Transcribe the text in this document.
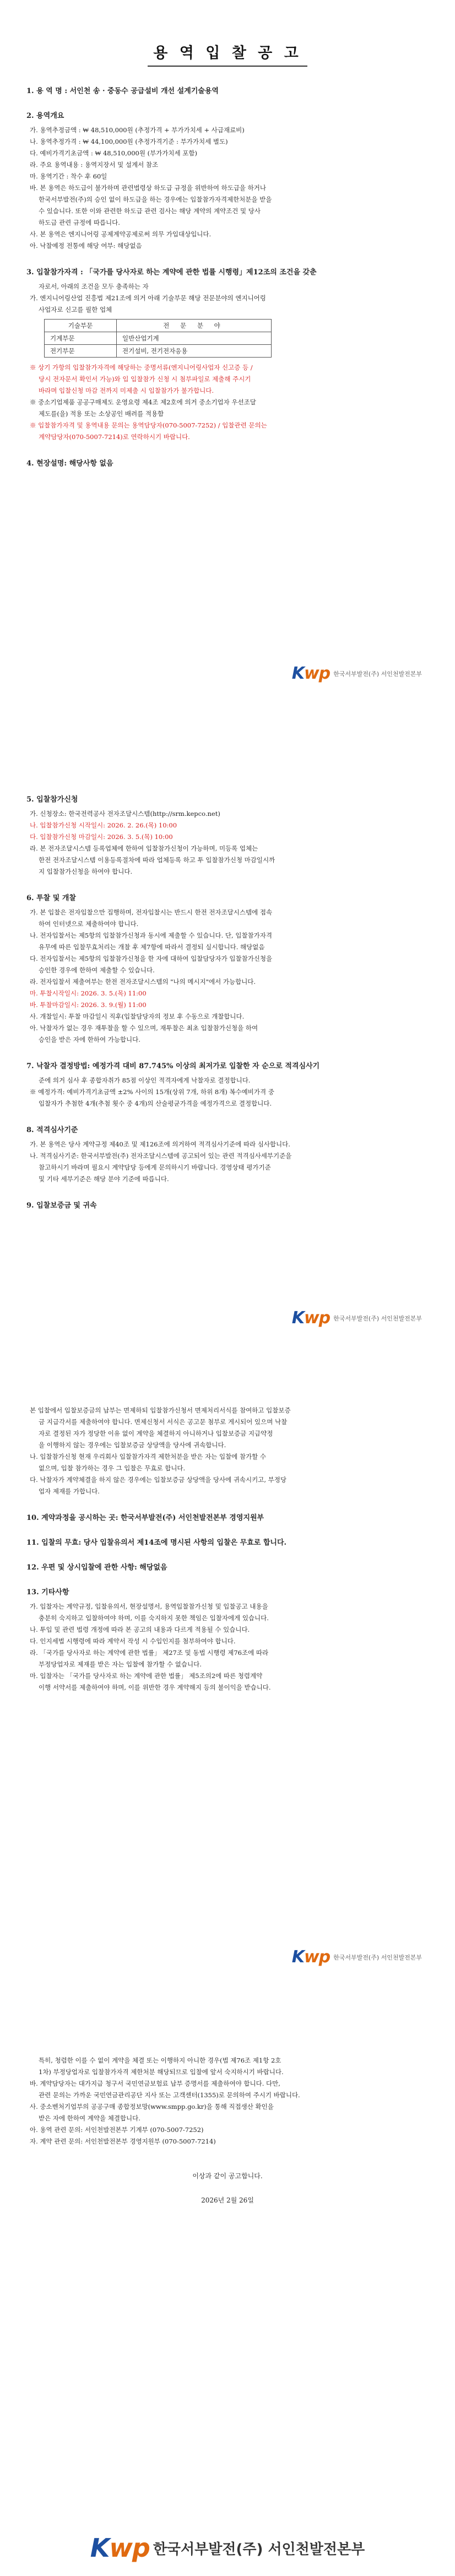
용 역 입 찰 공 고
1. 용 역 명 : 서인천 송 · 중동수 공급설비 개선 설계기술용역
2. 용역개요
가. 용역추정금액 : ₩ 48,510,000원 (추정가격 + 부가가치세 + 사급재료비)
나. 용역추정가격 : ₩ 44,100,000원 (추정가격기준 : 부가가치세 별도)
다. 예비가격기초금액 : ₩ 48,510,000원 (부가가치세 포함)
라. 주요 용역내용 : 용역지장서 및 설계서 참조
마. 용역기간 : 착수 후 60일
바. 본 용역은 하도급이 불가하며 관련법령상 하도급 규정을 위반하여 하도급을 하거나
한국서부발전(주)의 승인 없이 하도급을 하는 경우에는 입찰참가자격제한처분을 받을
수 있습니다. 또한 이와 관련한 하도급 관련 검사는 해당 계약의 계약조건 및 당사
하도급 관련 규정에 따릅니다.
사. 본 용역은 엔지니어링 공제계약공제로써 의무 가입대상입니다.
아. 낙찰예정 전통에 해당 여부: 해당없음
3. 입찰참가자격 : 「국가를 당사자로 하는 계약에 관한 법률 시행령」제12조의 조건을 갖춘
자로서, 아래의 조건을 모두 충족하는 자
가. 엔지니어링산업 진흥법 제21조에 의거 아래 기술부문 해당 전문분야의 엔지니어링
사업자로 신고를 필한 업체
기술부문	전 문 분 야
기계부문	일반산업기계
전기부문	전기설비, 전기전자응용
※ 상기 가항의 입찰참가자격에 해당하는 중명서류(엔지니어링사업자 신고증 등 /
당시 전자문서 확인서 가능)와 입 입찰참가 신청 시 첨부파일로 제출해 주시기
바라며 입찰신청 마감 전까지 미제출 시 입찰참가가 불가합니다.
※ 중소기업제품 공공구매제도 운영요령 제4조 제2호에 의거 중소기업자 우선조달
제도를(을) 적용 또는 소상공인 배려를 적용함
※ 입찰참가자격 및 용역내용 문의는 용역담당자(070-5007-7252) / 입찰관련 문의는
계약담당자(070-5007-7214)로 연락하시기 바랍니다.
4. 현장설명: 해당사항 없음
Kwp 한국서부발전(주) 서인천발전본부
5. 입찰참가신청
가. 신청장소: 한국전력공사 전자조달시스템(http://srm.kepco.net)
나. 입찰참가신청 시작일시: 2026. 2. 26.(목) 10:00
다. 입찰참가신청 마감일시: 2026. 3. 5.(목) 10:00
라. 본 전자조달시스템 등록업체에 한하여 입찰참가신청이 가능하며, 미등록 업체는
한전 전자조달시스템 이용등록절차에 따라 업체등록 하고 투 입찰참가신청 마감일시까
지 입찰참가신청을 하여야 합니다.
6. 투찰 및 개찰
가. 본 입찰은 전자입찰으만 집행하며, 전자입찰시는 반드시 한전 전자조달시스템에 접속
하여 인터넷으로 제출하여야 합니다.
나. 전자입찰서는 제5항의 입찰참가신청과 동시에 제출할 수 있습니다. 단, 입찰참가자격
유무에 따른 입찰무효처리는 개찰 후 제7항에 따라서 결정되 실시합니다. 해당없음
다. 전자입찰서는 제5항의 입찰참가신청을 한 자에 대하여 입찰담당자가 입찰참가신청을
승인한 경우에 한하여 제출할 수 있습니다.
라. 전자입찰서 제출여부는 한전 전자조달시스템의 "나의 메시지"에서 가능합니다.
마. 투찰시작일시: 2026. 3. 5.(목) 11:00
바. 투찰마감일시: 2026. 3. 9.(월) 11:00
사. 개찰일시: 투찰 마감일시 직후(입찰담당자의 정보 후 수동으로 개찰합니다.
아. 낙찰자가 없는 경우 재투찰을 할 수 있으며, 재투찰은 최초 입찰참가신청을 하여
승인을 받은 자에 한하여 가능합니다.
7. 낙찰자 결정방법: 예정가격 대비 87.745% 이상의 최저가로 입찰한 자 순으로 적격심사기
준에 의거 심사 후 종합자취가 85점 이상인 적격자에게 낙찰자로 결정합니다.
※ 예정가격: 예비가격기초금액 ±2% 사이의 15개(상위 7개, 하위 8개) 복수예비가격 중
입찰자가 추첨한 4개(추첨 횟수 중 4개)의 산술평균가격을 예정가격으로 결정합니다.
8. 적격심사기준
가. 본 용역은 당사 계약규정 제40조 및 제126조에 의거하여 적격심사기준에 따라 심사합니다.
나. 적격심사기준: 한국서부발전(주) 전자조달시스템에 공고되어 있는 관련 적격심사세부기준을
참고하시기 바라며 필요시 계약담당 등에게 문의하시기 바랍니다. 경영상태 평가기준
및 기타 세부기준은 해당 분야 기준에 따릅니다.
9. 입찰보증금 및 귀속
Kwp 한국서부발전(주) 서인천발전본부
본 입찰에서 입찰보증금의 납부는 면제하되 입찰참가신청서 면제처리서식를 참여하고 입찰보증
금 지급각서를 제출하여야 합니다. 면제신청서 서식은 공고문 첨부로 게시되어 있으며 낙찰
자로 결정된 자가 정당한 이유 없이 계약을 체결하지 아니하거나 입찰보증금 지급약정
을 이행하지 않는 경우에는 입찰보증금 상당액을 당사에 귀속합니다.
나. 입찰참가신청 현재 우리회사 입찰참가자격 제한처분을 받은 자는 입찰에 참가할 수
없으며, 입찰 참가하는 경우 그 입찰은 무효로 합니다.
다. 낙찰자가 계약체결을 하지 않은 경우에는 입찰보증금 상당액을 당사에 귀속시키고, 부정당
업자 제재를 가합니다.
10. 계약과정을 공시하는 곳: 한국서부발전(주) 서인천발전본부 경영지원부
11. 입찰의 무효: 당사 입찰유의서 제14조에 명시된 사항의 입찰은 무효로 합니다.
12. 우편 및 상시입찰에 관한 사항: 해당없음
13. 기타사항
가. 입찰자는 계약규정, 입찰유의서, 현장설명서, 용역입찰참가신청 및 입찰공고 내용을
충분히 숙지하고 입찰하여야 하며, 이를 숙지하지 못한 책임은 입찰자에게 있습니다.
나. 투입 및 관련 법령 개정에 따라 본 공고의 내용과 다르게 적용될 수 있습니다.
다. 인지세법 시행령에 따라 계약서 작성 시 수입인지를 첨부하여야 합니다.
라. 「국가를 당사자로 하는 계약에 관한 법률」 제27조 및 동법 시행령 제76조에 따라
부정당업자로 제재를 받은 자는 입찰에 참가할 수 없습니다.
마. 입찰자는 「국가를 당사자로 하는 계약에 관한 법률」 제5조의2에 따른 청렴계약
이행 서약서를 제출하여야 하며, 이를 위반한 경우 계약해지 등의 불이익을 받습니다.
Kwp 한국서부발전(주) 서인천발전본부
특히, 청렴한 이를 수 없이 계약을 체결 또는 이행하지 아니한 경우(법 제76조 제1항 2호
1차) 부정당업자로 입찰참가자격 제한처분 해당되므로 입찰에 앞서 숙지하시기 바랍니다.
바. 계약담당자는 대가지급 청구서 국민연금보험료 납부 증명서를 제출하여야 합니다. 다만,
관련 문의는 가까운 국민연금관리공단 지사 또는 고객센터(1355)로 문의하여 주시기 바랍니다.
사. 중소벤처기업부의 공공구매 종합정보망(www.smpp.go.kr)을 통해 직접생산 확인을
받은 자에 한하여 계약을 체결합니다.
아. 용역 관련 문의: 서인천발전본부 기계부 (070-5007-7252)
자. 계약 관련 문의: 서인천발전본부 경영지원부 (070-5007-7214)
이상과 같이 공고합니다.
2026년 2월 26일
Kwp 한국서부발전(주) 서인천발전본부
